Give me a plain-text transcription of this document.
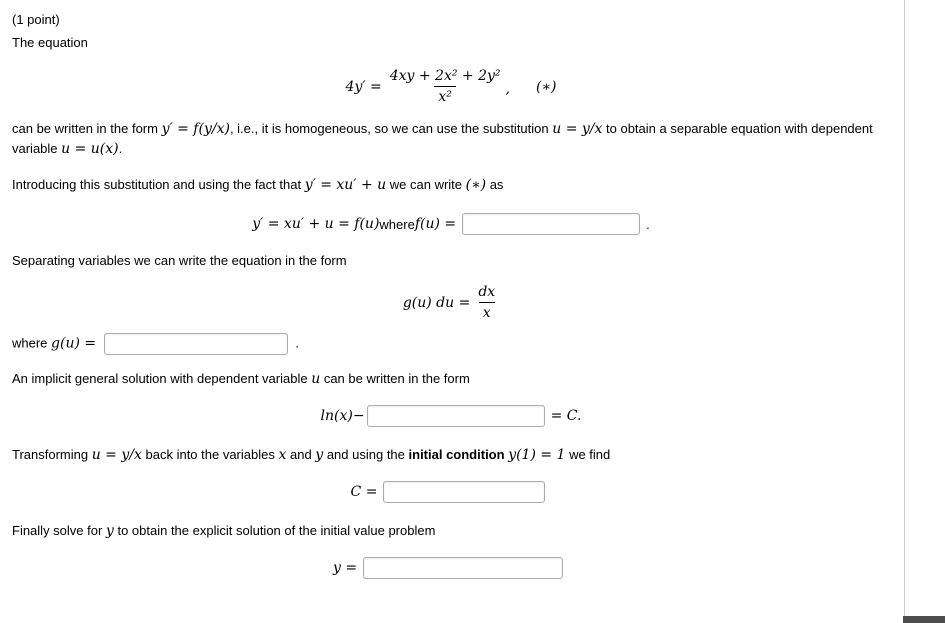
(1 point)

The equation

$4y' = \frac{\text{4xy + 2x² + 2y²}}{\text{x²}}$ , (∗)

can be written in the form y′ = f(y/x), i.e., it is homogeneous, so we can use the substitution u = y/x to obtain a separable equation with dependent variable u = u(x).

Introducing this substitution and using the fact that y′ = xu′ + u we can write (∗) as

y′ = xu′ + u = f(u) where f(u) =	.

Separating variables we can write the equation in the form

g(u) du = $\frac{dx}{x}$

where g(u) =	.

An implicit general solution with dependent variable u can be written in the form

ln(x)−	= C.

Transforming u = y/x back into the variables x and y and using the initial condition y(1) = 1 we find

C =

Finally solve for y to obtain the explicit solution of the initial value problem

y =
